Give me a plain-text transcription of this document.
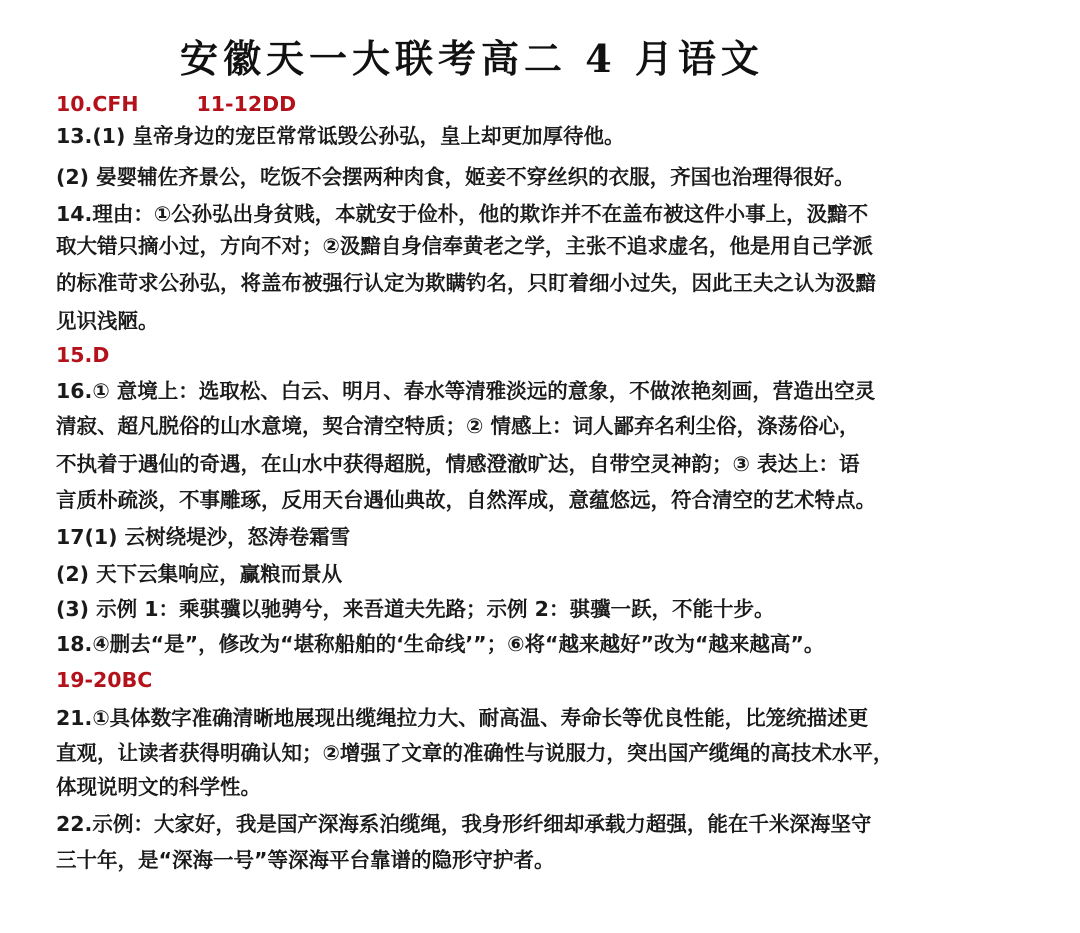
安徽天一大联考高二 4 月语文
10.CFH	11-12DD
13.(1) 皇帝身边的宠臣常常诋毁公孙弘，皇上却更加厚待他。
(2) 晏婴辅佐齐景公，吃饭不会摆两种肉食，姬妾不穿丝织的衣服，齐国也治理得很好。
14.理由：①公孙弘出身贫贱，本就安于俭朴，他的欺诈并不在盖布被这件小事上，汲黯不
取大错只摘小过，方向不对；②汲黯自身信奉黄老之学，主张不追求虚名，他是用自己学派
的标准苛求公孙弘，将盖布被强行认定为欺瞒钓名，只盯着细小过失，因此王夫之认为汲黯
见识浅陋。
15.D
16.① 意境上：选取松、白云、明月、春水等清雅淡远的意象，不做浓艳刻画，营造出空灵
清寂、超凡脱俗的山水意境，契合清空特质；② 情感上：词人鄙弃名利尘俗，涤荡俗心，
不执着于遇仙的奇遇，在山水中获得超脱，情感澄澈旷达，自带空灵神韵；③ 表达上：语
言质朴疏淡，不事雕琢，反用天台遇仙典故，自然浑成，意蕴悠远，符合清空的艺术特点。
17(1) 云树绕堤沙，怒涛卷霜雪
(2) 天下云集响应，赢粮而景从
(3) 示例 1：乘骐骥以驰骋兮，来吾道夫先路；示例 2：骐骥一跃，不能十步。
18.④删去“是”，修改为“堪称船舶的‘生命线’”；⑥将“越来越好”改为“越来越高”。
19-20BC
21.①具体数字准确清晰地展现出缆绳拉力大、耐高温、寿命长等优良性能，比笼统描述更
直观，让读者获得明确认知；②增强了文章的准确性与说服力，突出国产缆绳的高技术水平，
体现说明文的科学性。
22.示例：大家好，我是国产深海系泊缆绳，我身形纤细却承载力超强，能在千米深海坚守
三十年，是“深海一号”等深海平台靠谱的隐形守护者。
